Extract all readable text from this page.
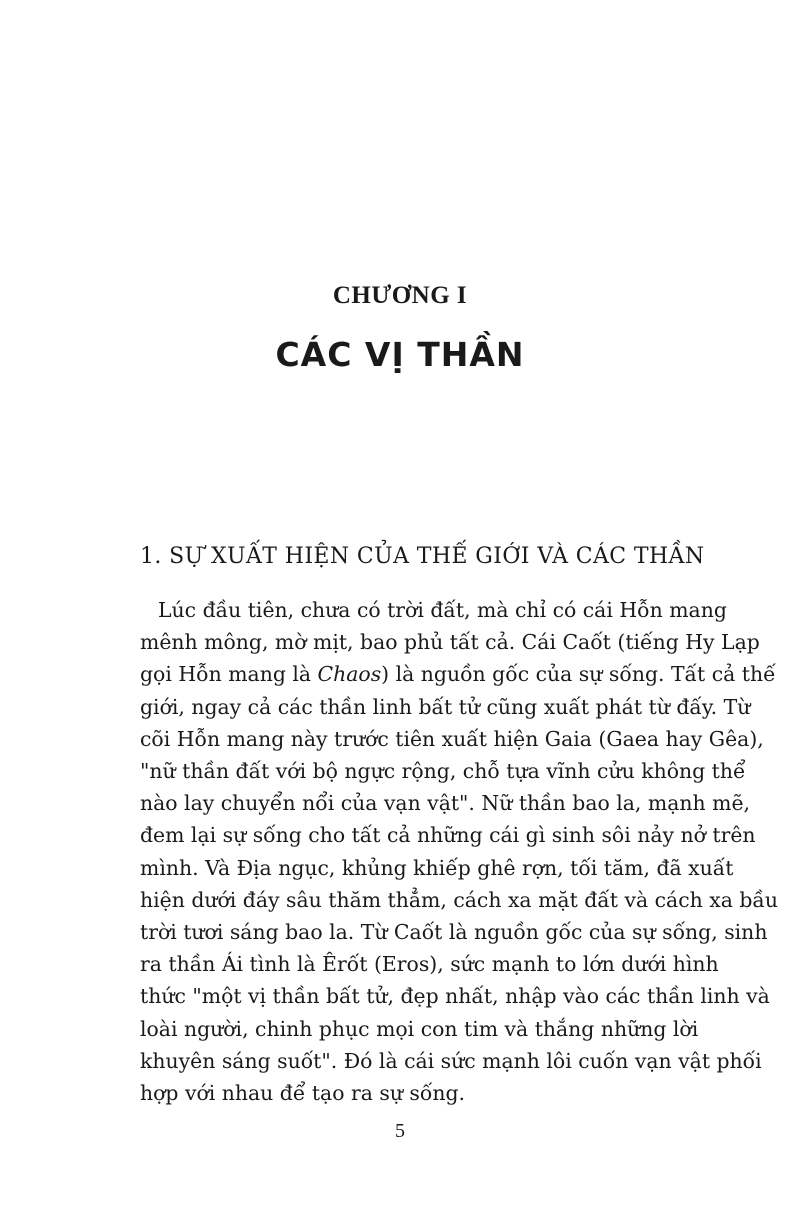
CHƯƠNG I
CÁC VỊ THẦN
1. SỰ XUẤT HIỆN CỦA THẾ GIỚI VÀ CÁC THẦN
Lúc đầu tiên, chưa có trời đất, mà chỉ có cái Hỗn mang
mênh mông, mờ mịt, bao phủ tất cả. Cái Caốt (tiếng Hy Lạp
gọi Hỗn mang là Chaos) là nguồn gốc của sự sống. Tất cả thế
giới, ngay cả các thần linh bất tử cũng xuất phát từ đấy. Từ
cõi Hỗn mang này trước tiên xuất hiện Gaia (Gaea hay Gêa),
"nữ thần đất với bộ ngực rộng, chỗ tựa vĩnh cửu không thể
nào lay chuyển nổi của vạn vật". Nữ thần bao la, mạnh mẽ,
đem lại sự sống cho tất cả những cái gì sinh sôi nảy nở trên
mình. Và Địa ngục, khủng khiếp ghê rợn, tối tăm, đã xuất
hiện dưới đáy sâu thăm thẳm, cách xa mặt đất và cách xa bầu
trời tươi sáng bao la. Từ Caốt là nguồn gốc của sự sống, sinh
ra thần Ái tình là Êrốt (Eros), sức mạnh to lớn dưới hình
thức "một vị thần bất tử, đẹp nhất, nhập vào các thần linh và
loài người, chinh phục mọi con tim và thắng những lời
khuyên sáng suốt". Đó là cái sức mạnh lôi cuốn vạn vật phối
hợp với nhau để tạo ra sự sống.
5
